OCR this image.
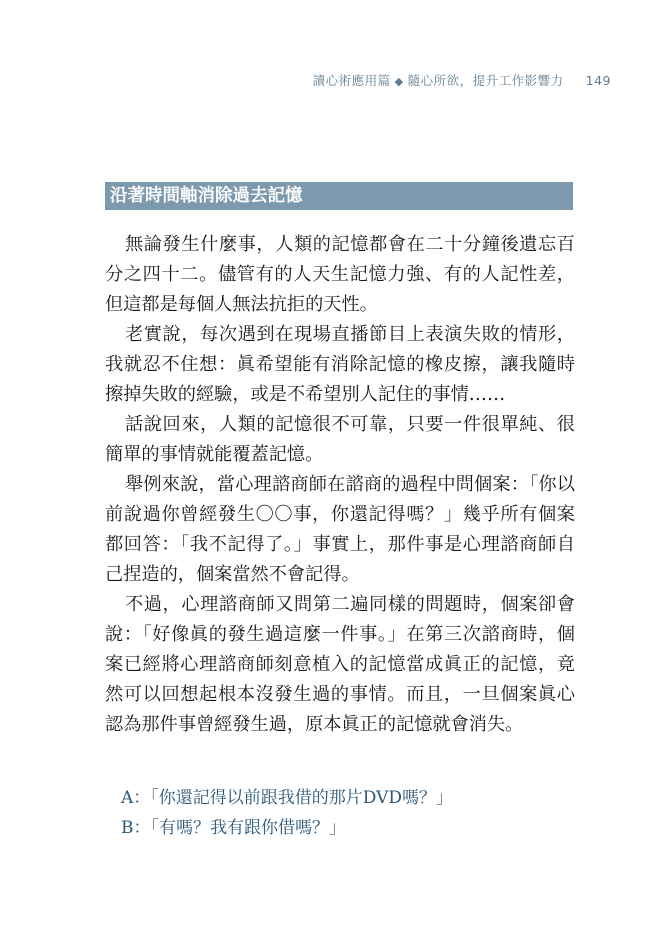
讀心術應用篇 ◆ 隨心所欲，提升工作影響力 149
沿著時間軸消除過去記憶

無論發生什麼事，人類的記憶都會在二十分鐘後遺忘百分之四十二。儘管有的人天生記憶力強、有的人記性差，但這都是每個人無法抗拒的天性。

老實說，每次遇到在現場直播節目上表演失敗的情形，我就忍不住想：眞希望能有消除記憶的橡皮擦，讓我隨時擦掉失敗的經驗，或是不希望別人記住的事情……

話說回來，人類的記憶很不可靠，只要一件很單純、很簡單的事情就能覆蓋記憶。

舉例來說，當心理諮商師在諮商的過程中問個案：「你以前說過你曾經發生〇〇事，你還記得嗎？」幾乎所有個案都回答：「我不記得了。」事實上，那件事是心理諮商師自己捏造的，個案當然不會記得。

不過，心理諮商師又問第二遍同樣的問題時，個案卻會說：「好像眞的發生過這麼一件事。」在第三次諮商時，個案已經將心理諮商師刻意植入的記憶當成眞正的記憶，竟然可以回想起根本沒發生過的事情。而且，一旦個案眞心認為那件事曾經發生過，原本眞正的記憶就會消失。

A：「你還記得以前跟我借的那片DVD嗎？」
B：「有嗎？我有跟你借嗎？」
